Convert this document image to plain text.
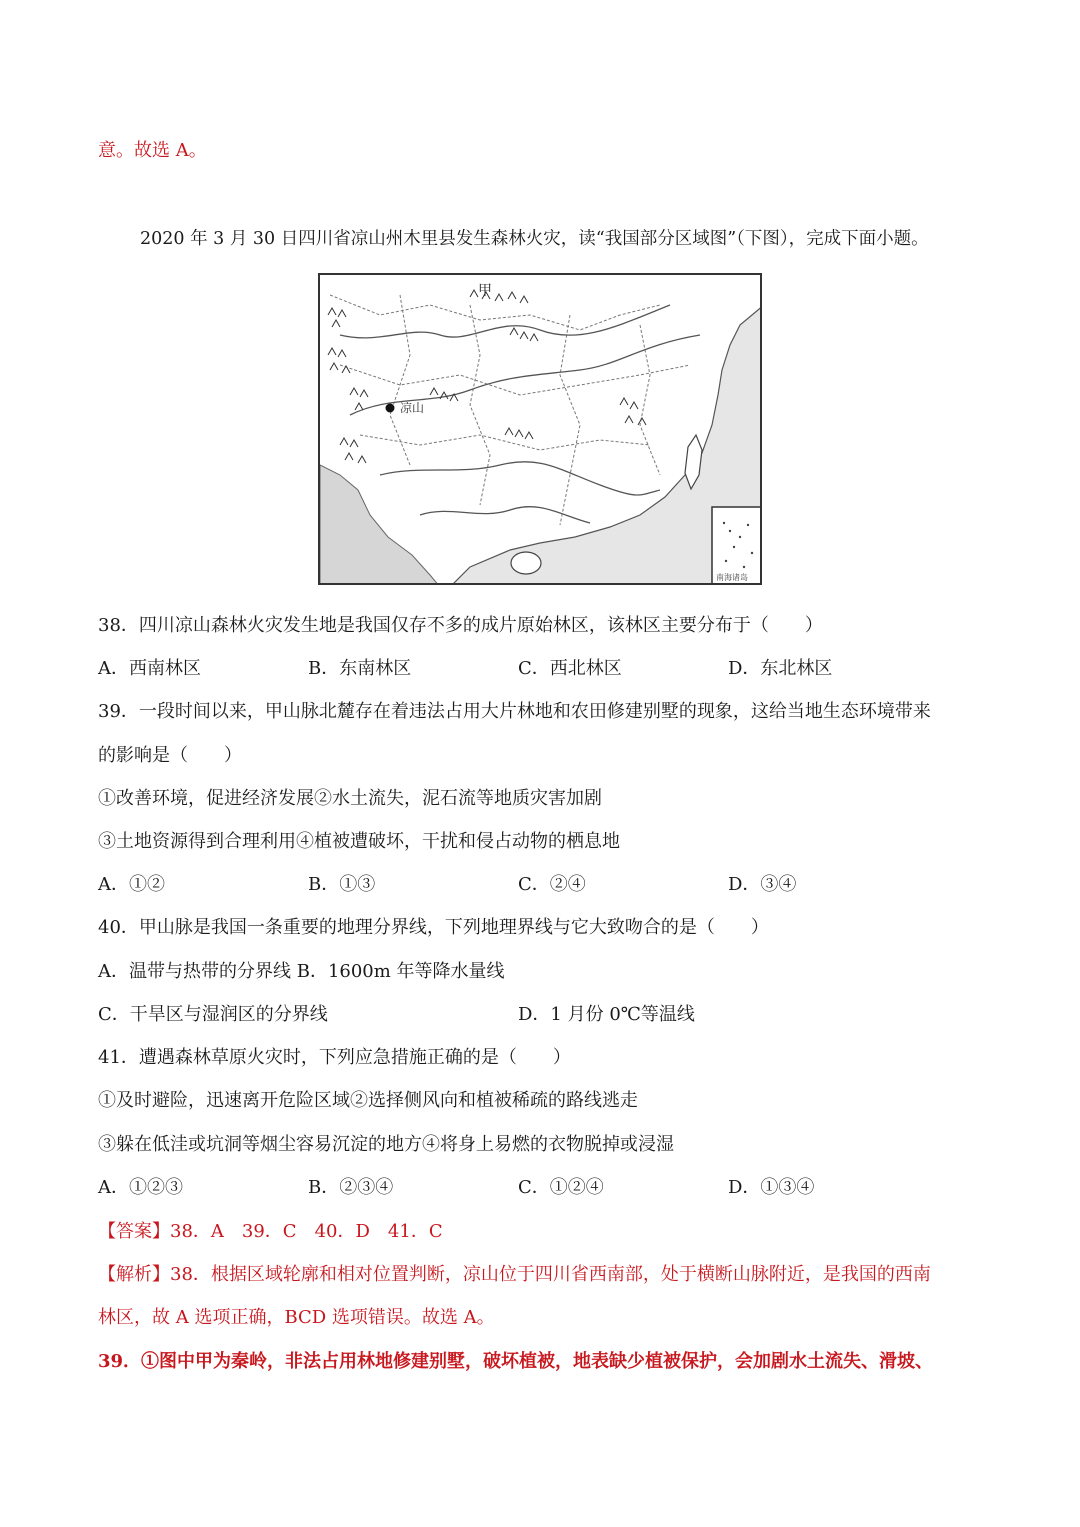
意。故选 A。
2020 年 3 月 30 日四川省凉山州木里县发生森林火灾，读“我国部分区域图”（下图），完成下面小题。
凉山
甲
南海诸岛
38．四川凉山森林火灾发生地是我国仅存不多的成片原始林区，该林区主要分布于（　　）
A．西南林区	B．东南林区	C．西北林区	D．东北林区
39．一段时间以来，甲山脉北麓存在着违法占用大片林地和农田修建别墅的现象，这给当地生态环境带来
的影响是（　　）
①改善环境，促进经济发展②水土流失，泥石流等地质灾害加剧
③土地资源得到合理利用④植被遭破坏，干扰和侵占动物的栖息地
A．①②	B．①③	C．②④	D．③④
40．甲山脉是我国一条重要的地理分界线，下列地理界线与它大致吻合的是（　　）
A．温带与热带的分界线 B．1600m 年等降水量线
C．干旱区与湿润区的分界线	D．1 月份 0℃等温线
41．遭遇森林草原火灾时，下列应急措施正确的是（　　）
①及时避险，迅速离开危险区域②选择侧风向和植被稀疏的路线逃走
③躲在低洼或坑洞等烟尘容易沉淀的地方④将身上易燃的衣物脱掉或浸湿
A．①②③	B．②③④	C．①②④	D．①③④
【答案】38．A　39．C　40．D　41．C
【解析】38．根据区域轮廓和相对位置判断，凉山位于四川省西南部，处于横断山脉附近，是我国的西南
林区，故 A 选项正确，BCD 选项错误。故选 A。
39．①图中甲为秦岭，非法占用林地修建别墅，破坏植被，地表缺少植被保护，会加剧水土流失、滑坡、
